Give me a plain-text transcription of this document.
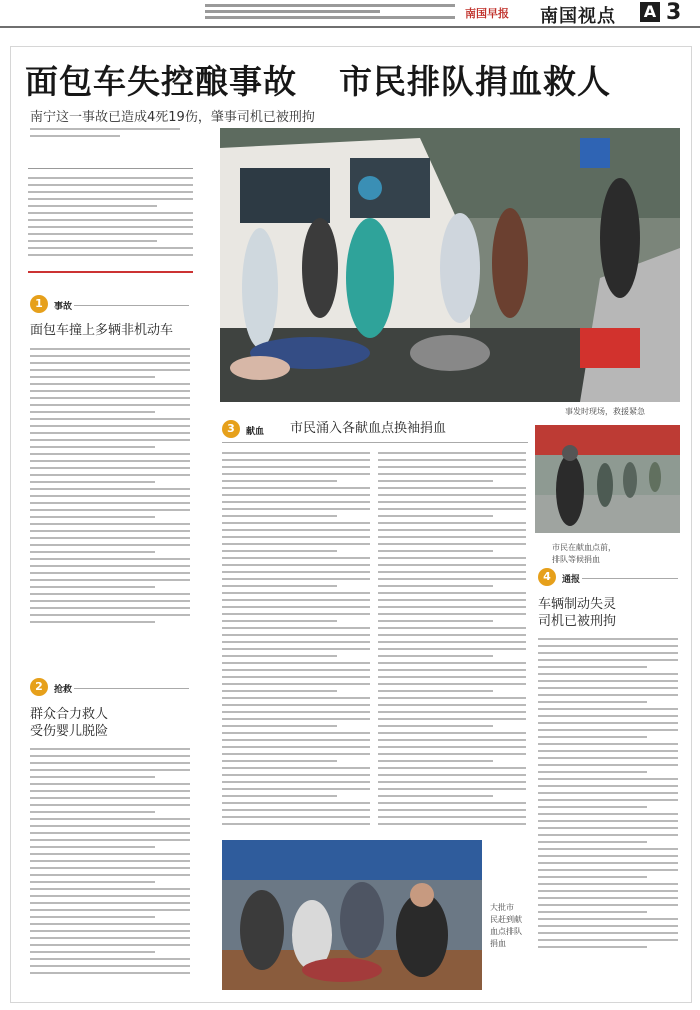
南国早报 南国视点 A 3
面包车失控酿事故 市民排队捐血救人
南宁这一事故已造成4死19伤，肇事司机已被刑拘
事发时现场，救援紧急
1	事故
面包车撞上多辆非机动车
2	抢救
群众合力救人
受伤婴儿脱险
3	献血 市民涌入各献血点换袖捐血
市民在献血点前，
排队等候捐血
4	通报
车辆制动失灵
司机已被刑拘
大批市
民赶到献
血点排队
捐血
